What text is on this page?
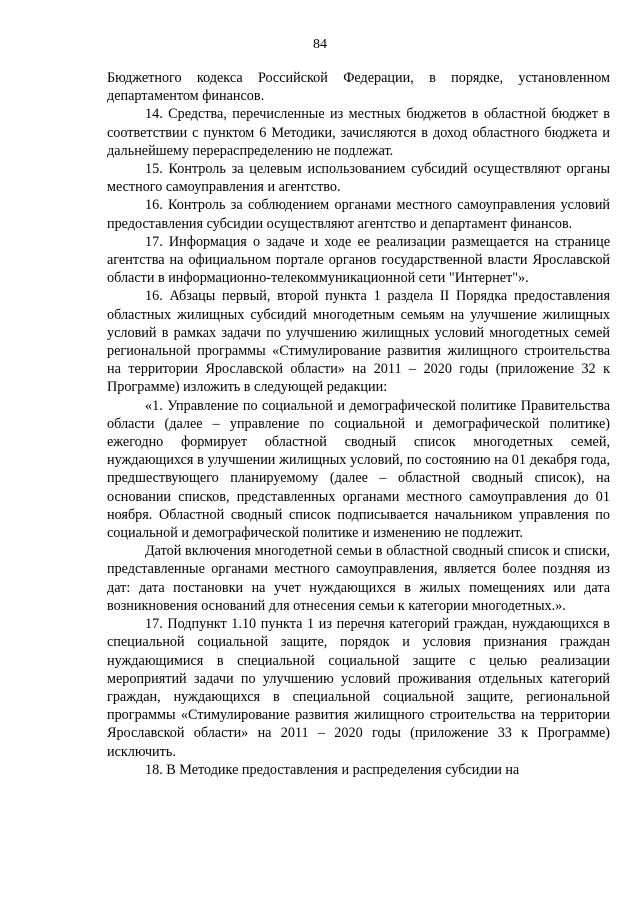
84

Бюджетного кодекса Российской Федерации, в порядке, установленном департаментом финансов.

14. Средства, перечисленные из местных бюджетов в областной бюджет в соответствии с пунктом 6 Методики, зачисляются в доход областного бюджета и дальнейшему перераспределению не подлежат.

15. Контроль за целевым использованием субсидий осуществляют органы местного самоуправления и агентство.

16. Контроль за соблюдением органами местного самоуправления условий предоставления субсидии осуществляют агентство и департамент финансов.

17. Информация о задаче и ходе ее реализации размещается на странице агентства на официальном портале органов государственной власти Ярославской области в информационно-телекоммуникационной сети "Интернет"».

16. Абзацы первый, второй пункта 1 раздела II Порядка предоставления областных жилищных субсидий многодетным семьям на улучшение жилищных условий в рамках задачи по улучшению жилищных условий многодетных семей региональной программы «Стимулирование развития жилищного строительства на территории Ярославской области» на 2011 – 2020 годы (приложение 32 к Программе) изложить в следующей редакции:

«1. Управление по социальной и демографической политике Правительства области (далее – управление по социальной и демографической политике) ежегодно формирует областной сводный список многодетных семей, нуждающихся в улучшении жилищных условий, по состоянию на 01 декабря года, предшествующего планируемому (далее – областной сводный список), на основании списков, представленных органами местного самоуправления до 01 ноября. Областной сводный список подписывается начальником управления по социальной и демографической политике и изменению не подлежит.

Датой включения многодетной семьи в областной сводный список и списки, представленные органами местного самоуправления, является более поздняя из дат: дата постановки на учет нуждающихся в жилых помещениях или дата возникновения оснований для отнесения семьи к категории многодетных.».

17. Подпункт 1.10 пункта 1 из перечня категорий граждан, нуждающихся в специальной социальной защите, порядок и условия признания граждан нуждающимися в специальной социальной защите с целью реализации мероприятий задачи по улучшению условий проживания отдельных категорий граждан, нуждающихся в специальной социальной защите, региональной программы «Стимулирование развития жилищного строительства на территории Ярославской области» на 2011 – 2020 годы (приложение 33 к Программе) исключить.

18. В Методике предоставления и распределения субсидии на
